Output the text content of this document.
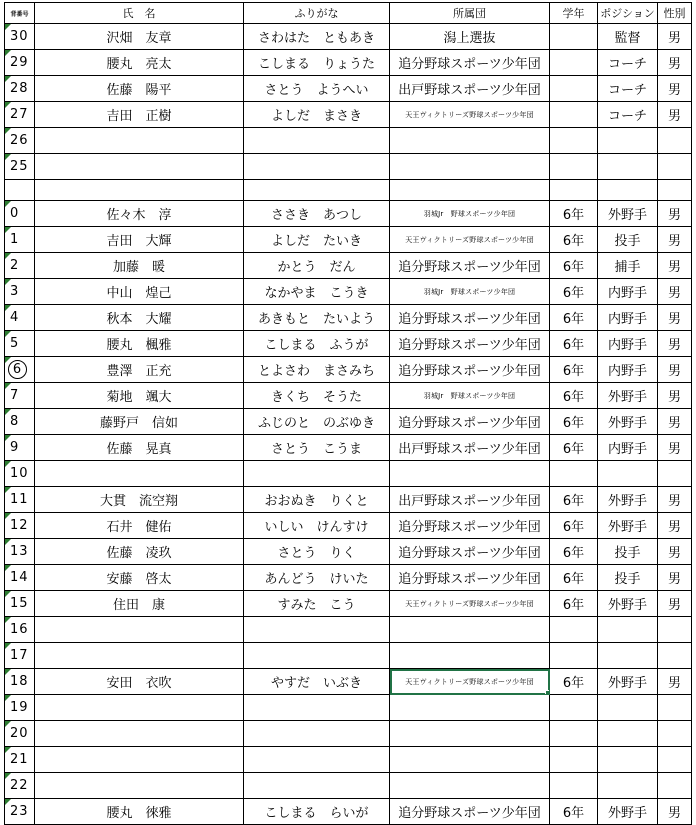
背番号	氏　名	ふりがな	所属団	学年	ポジション	性別
30	沢畑　友章	さわはた　ともあき	潟上選抜		監督	男
29	腰丸　亮太	こしまる　りょうた	追分野球スポーツ少年団		コーチ	男
28	佐藤　陽平	さとう　ようへい	出戸野球スポーツ少年団		コーチ	男
27	吉田　正樹	よしだ　まさき	天王ヴィクトリーズ野球スポーツ少年団		コーチ	男
26						
25						

0	佐々木　淳	ささき　あつし	羽城Jr　野球スポーツ少年団	6年	外野手	男
1	吉田　大輝	よしだ　たいき	天王ヴィクトリーズ野球スポーツ少年団	6年	投手	男
2	加藤　暖	かとう　だん	追分野球スポーツ少年団	6年	捕手	男
3	中山　煌己	なかやま　こうき	羽城Jr　野球スポーツ少年団	6年	内野手	男
4	秋本　大耀	あきもと　たいよう	追分野球スポーツ少年団	6年	内野手	男
5	腰丸　楓雅	こしまる　ふうが	追分野球スポーツ少年団	6年	内野手	男
6	豊澤　正充	とよさわ　まさみち	追分野球スポーツ少年団	6年	内野手	男
7	菊地　颯大	きくち　そうた	羽城Jr　野球スポーツ少年団	6年	外野手	男
8	藤野戸　信如	ふじのと　のぶゆき	追分野球スポーツ少年団	6年	外野手	男
9	佐藤　晃真	さとう　こうま	出戸野球スポーツ少年団	6年	内野手	男
10						
11	大貫　流空翔	おおぬき　りくと	出戸野球スポーツ少年団	6年	外野手	男
12	石井　健佑	いしい　けんすけ	追分野球スポーツ少年団	6年	外野手	男
13	佐藤　凌玖	さとう　りく	追分野球スポーツ少年団	6年	投手	男
14	安藤　啓太	あんどう　けいた	追分野球スポーツ少年団	6年	投手	男
15	住田　康	すみた　こう	天王ヴィクトリーズ野球スポーツ少年団	6年	外野手	男
16						
17						
18	安田　衣吹	やすだ　いぶき	天王ヴィクトリーズ野球スポーツ少年団	6年	外野手	男
19						
20						
21						
22						
23	腰丸　徠雅	こしまる　らいが	追分野球スポーツ少年団	6年	外野手	男
